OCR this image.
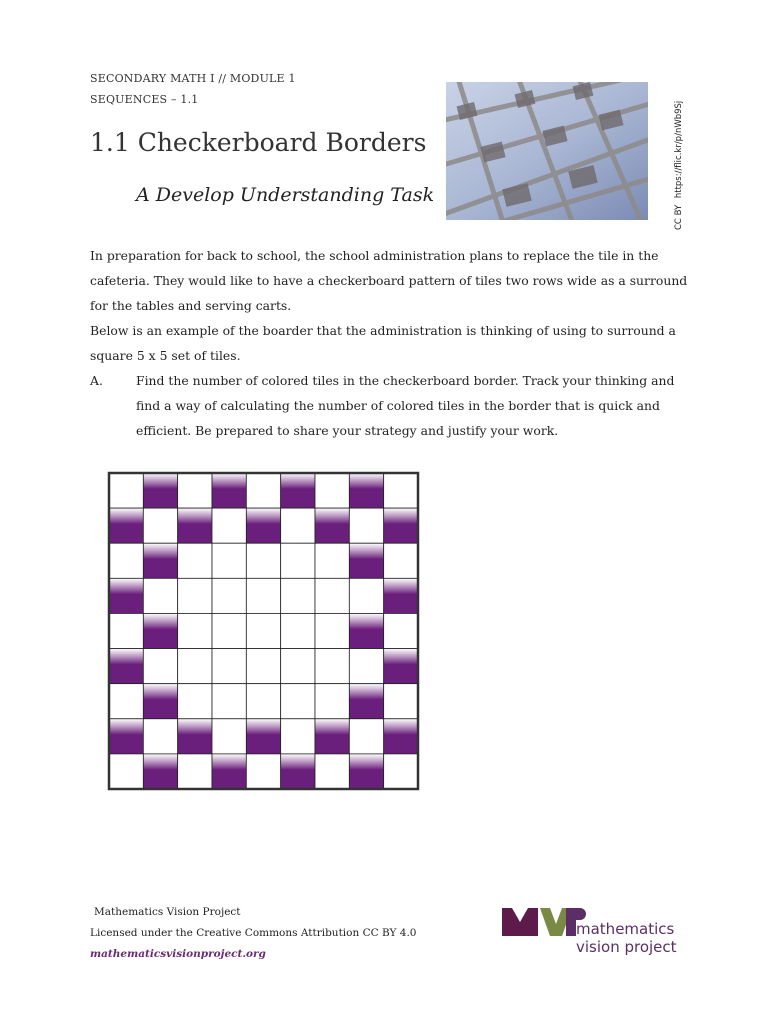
SECONDARY MATH I // MODULE 1
SEQUENCES – 1.1
1.1 Checkerboard Borders
A Develop Understanding Task
CC BY https://flic.kr/p/nWb9Sj

In preparation for back to school, the school administration plans to replace the tile in the cafeteria. They would like to have a checkerboard pattern of tiles two rows wide as a surround for the tables and serving carts.

Below is an example of the boarder that the administration is thinking of using to surround a square 5 x 5 set of tiles.

A.	Find the number of colored tiles in the checkerboard border. Track your thinking and find a way of calculating the number of colored tiles in the border that is quick and efficient. Be prepared to share your strategy and justify your work.
Mathematics Vision Project
Licensed under the Creative Commons Attribution CC BY 4.0
mathematicsvisionproject.org
mathematics
vision project
